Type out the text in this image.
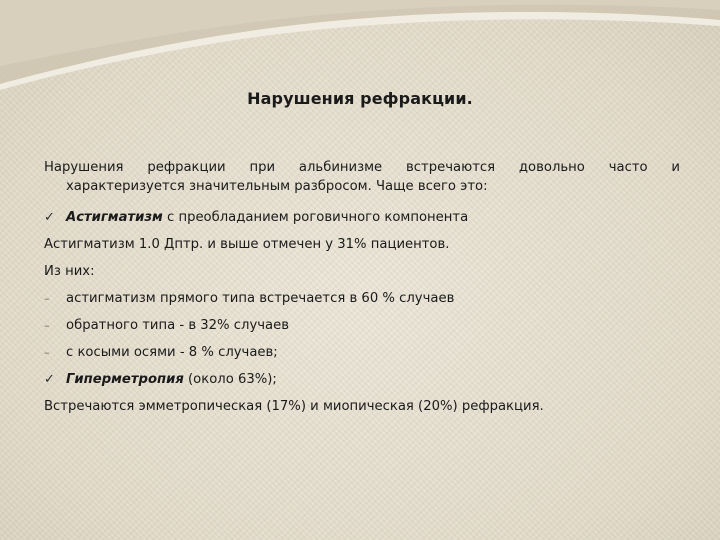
Нарушения рефракции.

Нарушения рефракции при альбинизме встречаются довольно часто и

характеризуется значительным разбросом. Чаще всего это:

✓ Астигматизм с преобладанием роговичного компонента
Астигматизм 1.0 Дптр. и выше отмечен у 31% пациентов.
Из них:
–	астигматизм прямого типа встречается в 60 % случаев
–	обратного типа - в 32% случаев
–	с косыми осями - 8 % случаев;
✓ Гиперметропия (около 63%);
Встречаются эмметропическая (17%) и миопическая (20%) рефракция.
